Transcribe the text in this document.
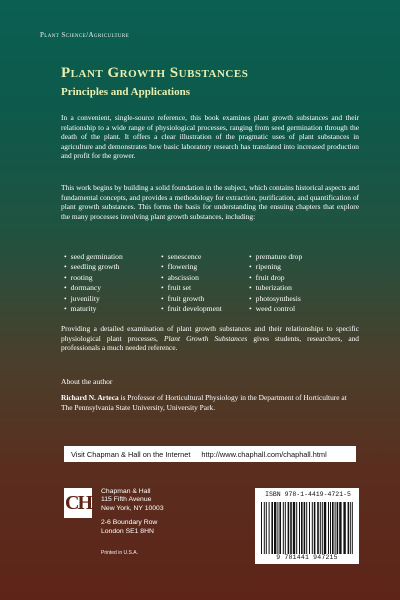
Plant Science/Agriculture
Plant Growth Substances
Principles and Applications
In a convenient, single-source reference, this book examines plant growth substances and their relationship to a wide range of physiological processes, ranging from seed germination through the death of the plant. It offers a clear illustration of the pragmatic uses of plant substances in agriculture and demonstrates how basic laboratory research has translated into increased production and profit for the grower.
This work begins by building a solid foundation in the subject, which contains historical aspects and fundamental concepts, and provides a methodology for extraction, purification, and quantification of plant growth substances. This forms the basis for understanding the ensuing chapters that explore the many processes involving plant growth substances, including:
• seed germination
• seedling growth
• rooting
• dormancy
• juvenility
• maturity
• senescence
• flowering
• abscission
• fruit set
• fruit growth
• fruit development
• premature drop
• ripening
• fruit drop
• tuberization
• photosynthesis
• weed control
Providing a detailed examination of plant growth substances and their relationships to specific physiological plant processes, Plant Growth Substances gives students, researchers, and professionals a much needed reference.
About the author
Richard N. Arteca is Professor of Horticultural Physiology in the Department of Horticulture at The Pennsylvania State University, University Park.
Visit Chapman & Hall on the Internet http://www.chaphall.com/chaphall.html
CH Chapman & Hall
115 Fifth Avenue
New York, NY 10003
2-6 Boundary Row
London SE1 8HN
Printed in U.S.A.
ISBN 978-1-4419-4721-5
9 781441 947215
